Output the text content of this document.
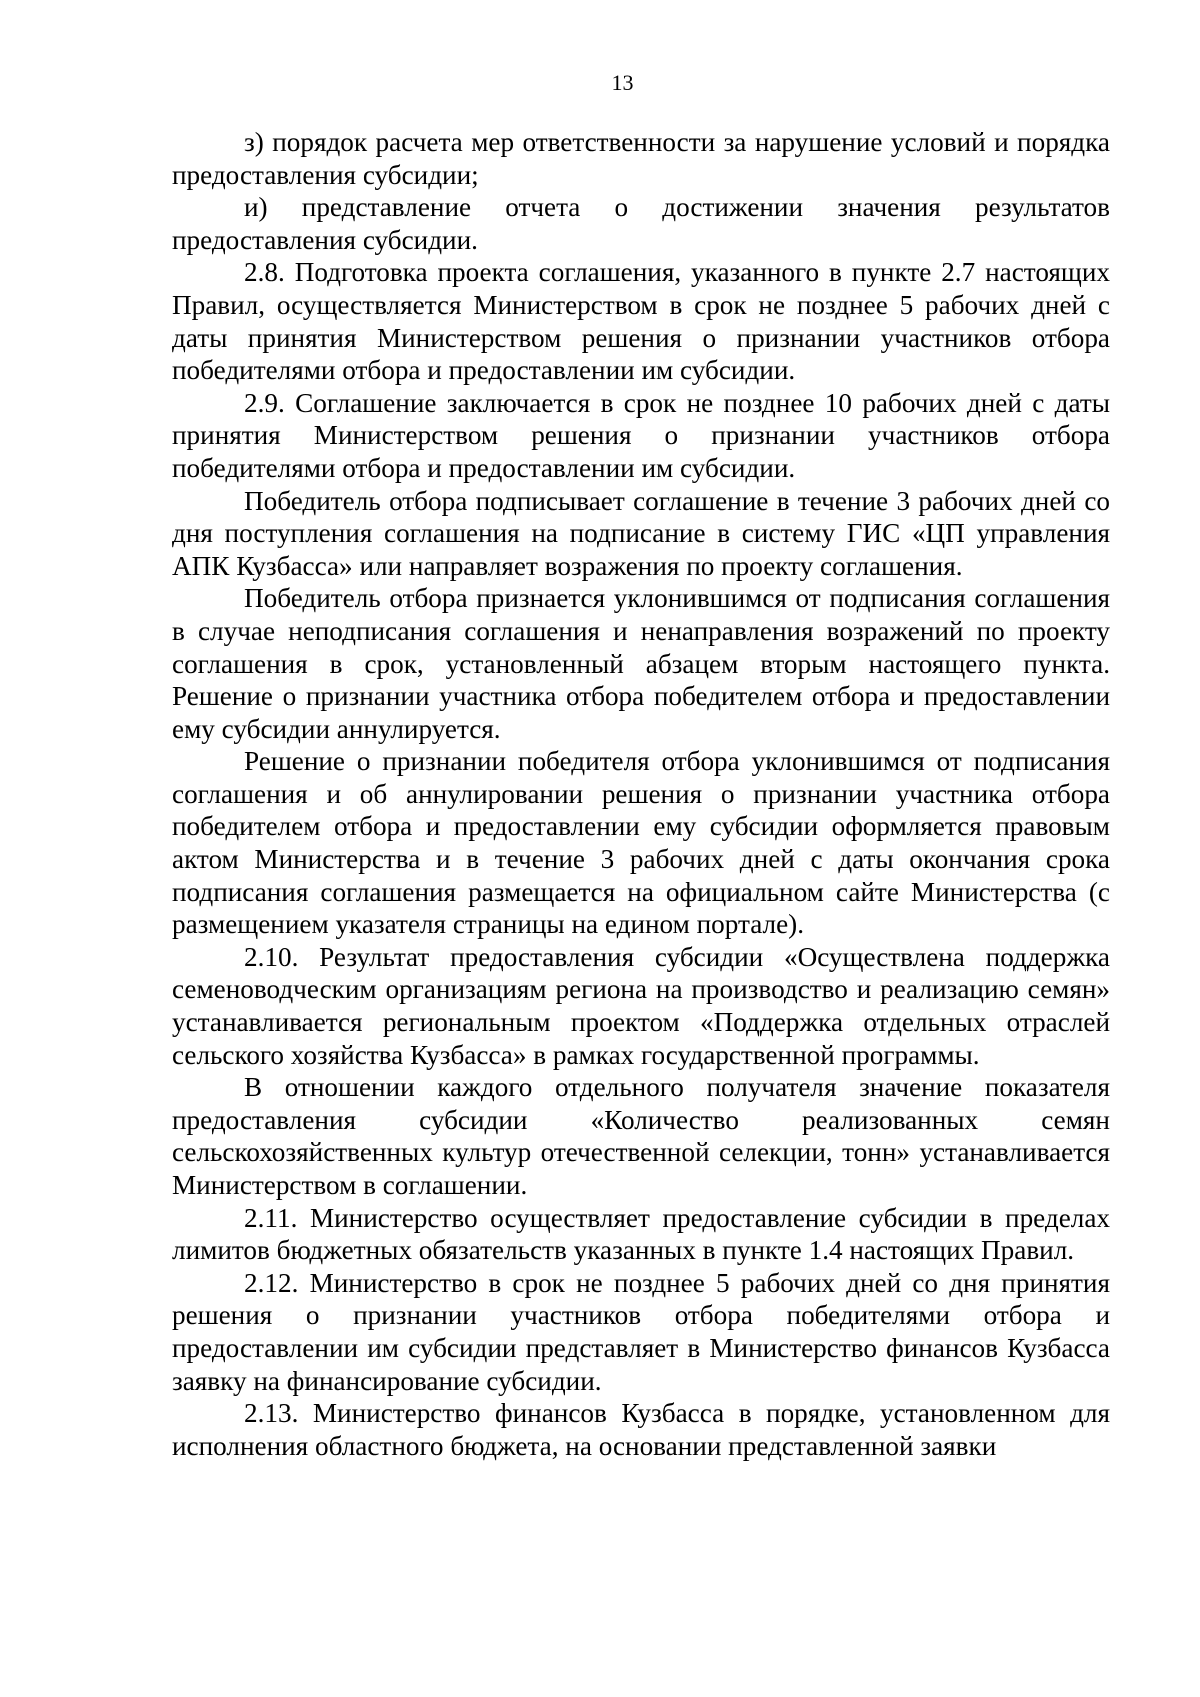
13

з) порядок расчета мер ответственности за нарушение условий и порядка предоставления субсидии;

и) представление отчета о достижении значения результатов предоставления субсидии.

2.8. Подготовка проекта соглашения, указанного в пункте 2.7 настоящих Правил, осуществляется Министерством в срок не позднее 5 рабочих дней с даты принятия Министерством решения о признании участников отбора победителями отбора и предоставлении им субсидии.

2.9. Соглашение заключается в срок не позднее 10 рабочих дней с даты принятия Министерством решения о признании участников отбора победителями отбора и предоставлении им субсидии.

Победитель отбора подписывает соглашение в течение 3 рабочих дней со дня поступления соглашения на подписание в систему ГИС «ЦП управления АПК Кузбасса» или направляет возражения по проекту соглашения.

Победитель отбора признается уклонившимся от подписания соглашения в случае неподписания соглашения и ненаправления возражений по проекту соглашения в срок, установленный абзацем вторым настоящего пункта. Решение о признании участника отбора победителем отбора и предоставлении ему субсидии аннулируется.

Решение о признании победителя отбора уклонившимся от подписания соглашения и об аннулировании решения о признании участника отбора победителем отбора и предоставлении ему субсидии оформляется правовым актом Министерства и в течение 3 рабочих дней с даты окончания срока подписания соглашения размещается на официальном сайте Министерства (с размещением указателя страницы на едином портале).

2.10. Результат предоставления субсидии «Осуществлена поддержка семеноводческим организациям региона на производство и реализацию семян» устанавливается региональным проектом «Поддержка отдельных отраслей сельского хозяйства Кузбасса» в рамках государственной программы.

В отношении каждого отдельного получателя значение показателя предоставления субсидии «Количество реализованных семян сельскохозяйственных культур отечественной селекции, тонн» устанавливается Министерством в соглашении.

2.11. Министерство осуществляет предоставление субсидии в пределах лимитов бюджетных обязательств указанных в пункте 1.4 настоящих Правил.

2.12. Министерство в срок не позднее 5 рабочих дней со дня принятия решения о признании участников отбора победителями отбора и предоставлении им субсидии представляет в Министерство финансов Кузбасса заявку на финансирование субсидии.

2.13. Министерство финансов Кузбасса в порядке, установленном для исполнения областного бюджета, на основании представленной заявки
